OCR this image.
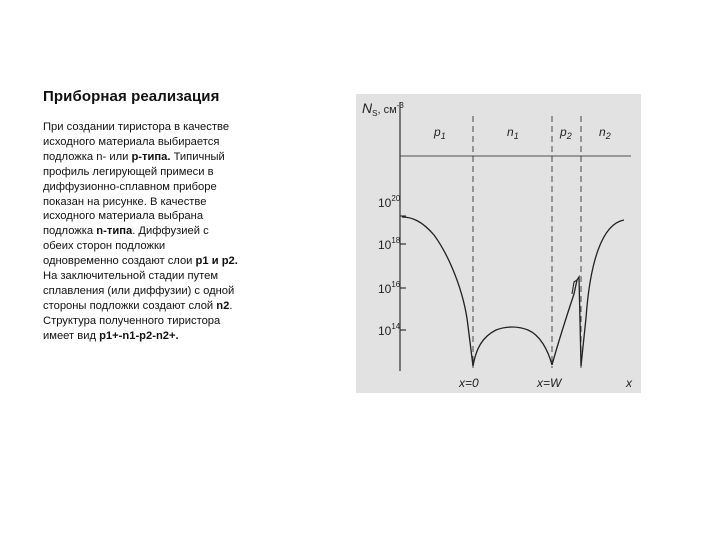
Приборная реализация
При создании тиристора в качестве
исходного материала выбирается
подложка n- или p-типа. Типичный
профиль легирующей примеси в
диффузионно-сплавном приборе
показан на рисунке. В качестве
исходного материала выбрана
подложка n-типа. Диффузией с
обеих сторон подложки
одновременно создают слои p1 и p2.
На заключительной стадии путем
сплавления (или диффузии) с одной
стороны подложки создают слой n2.
Структура полученного тиристора
имеет вид p1+-n1-p2-n2+.
$N_S$, $см^{-3}$
$p_1$	$n_1$	$p_2$ $n_2$
$10^{20}$
$10^{18}$
$10^{16}$
$10^{14}$
x=0	x=W	x
